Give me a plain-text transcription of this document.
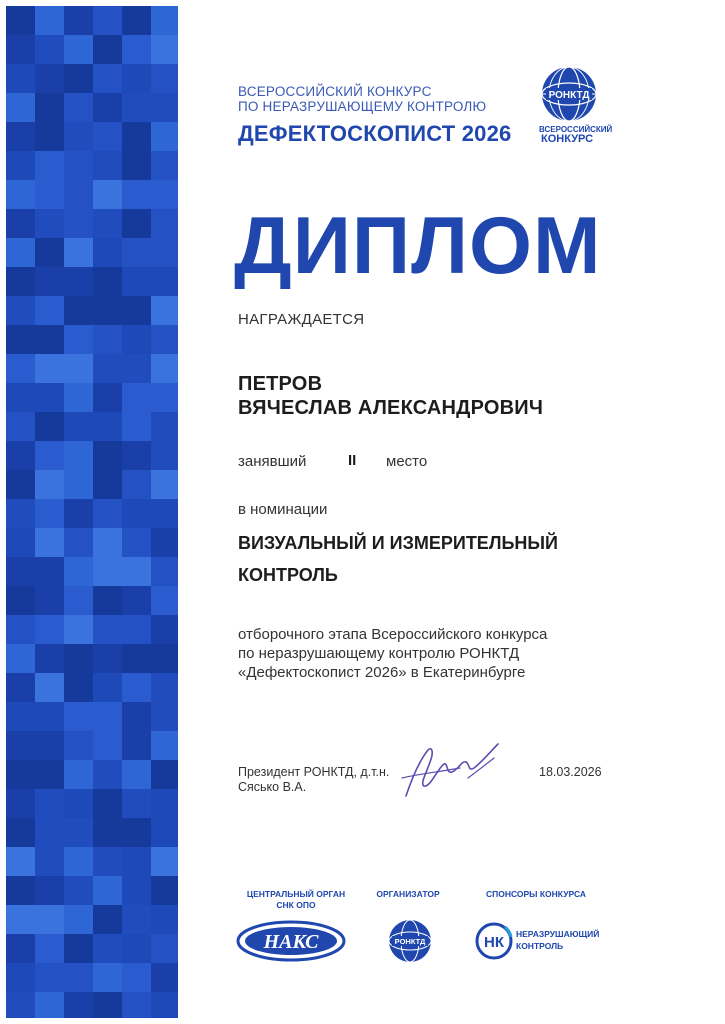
ВСЕРОССИЙСКИЙ КОНКУРС
ПО НЕРАЗРУШАЮЩЕМУ КОНТРОЛЮ
ДЕФЕКТОСКОПИСТ 2026
РОНКТД
ВСЕРОССИЙСКИЙ
КОНКУРС
ДИПЛОМ
НАГРАЖДАЕТСЯ
ПЕТРОВ
ВЯЧЕСЛАВ АЛЕКСАНДРОВИЧ
занявший	II место
в номинации
ВИЗУАЛЬНЫЙ И ИЗМЕРИТЕЛЬНЫЙ
КОНТРОЛЬ
отборочного этапа Всероссийского конкурса
по неразрушающему контролю РОНКТД
«Дефектоскопист 2026» в Екатеринбурге
Президент РОНКТД, д.т.н.
Сясько В.А.
18.03.2026
ЦЕНТРАЛЬНЫЙ ОРГАН
СНК ОПО
ОРГАНИЗАТОР	СПОНСОРЫ КОНКУРСА
НАКС	РОНКТД	НК НЕРАЗРУШАЮЩИЙ
КОНТРОЛЬ
